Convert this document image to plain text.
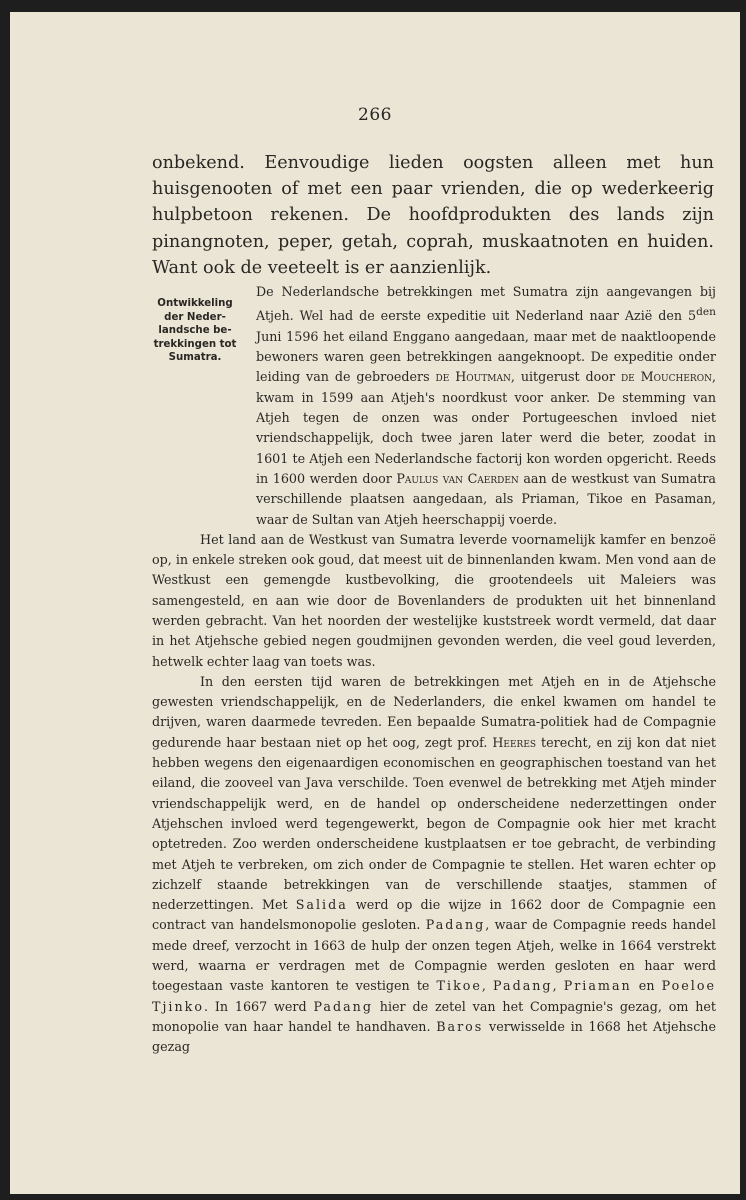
266

onbekend. Eenvoudige lieden oogsten alleen met hun huisgenooten of met een paar vrienden, die op wederkeerig hulpbetoon rekenen. De hoofdprodukten des lands zijn pinangnoten, peper, getah, coprah, muskaatnoten en huiden. Want ook de veeteelt is er aanzienlijk.

Ontwikkeling
der Neder-
landsche be-
trekkingen tot
Sumatra.

De Nederlandsche betrekkingen met Sumatra zijn aangevangen bij Atjeh. Wel had de eerste expeditie uit Nederland naar Azië den $5^{den}$ Juni 1596 het eiland Enggano aangedaan, maar met de naaktloopende bewoners waren geen betrekkingen aangeknoopt. De expeditie onder leiding van de gebroeders de Houtman, uitgerust door de Moucheron, kwam in 1599 aan Atjeh's noordkust voor anker. De stemming van Atjeh tegen de onzen was onder Portugeeschen invloed niet vriendschappelijk, doch twee jaren later werd die beter, zoodat in 1601 te Atjeh een Nederlandsche factorij kon worden opgericht. Reeds in 1600 werden door Paulus van Caerden aan de westkust van Sumatra verschillende plaatsen aangedaan, als Priaman, Tikoe en Pasaman, waar de Sultan van Atjeh heerschappij voerde.

Het land aan de Westkust van Sumatra leverde voornamelijk kamfer en benzoë op, in enkele streken ook goud, dat meest uit de binnenlanden kwam. Men vond aan de Westkust een gemengde kustbevolking, die grootendeels uit Maleiers was samengesteld, en aan wie door de Bovenlanders de produkten uit het binnenland werden gebracht. Van het noorden der westelijke kuststreek wordt vermeld, dat daar in het Atjehsche gebied negen goudmijnen gevonden werden, die veel goud leverden, hetwelk echter laag van toets was.

In den eersten tijd waren de betrekkingen met Atjeh en in de Atjehsche gewesten vriendschappelijk, en de Nederlanders, die enkel kwamen om handel te drijven, waren daarmede tevreden. Een bepaalde Sumatra-politiek had de Compagnie gedurende haar bestaan niet op het oog, zegt prof. Heeres terecht, en zij kon dat niet hebben wegens den eigenaardigen economischen en geographischen toestand van het eiland, die zooveel van Java verschilde. Toen evenwel de betrekking met Atjeh minder vriendschappelijk werd, en de handel op onderscheidene nederzettingen onder Atjehschen invloed werd tegengewerkt, begon de Compagnie ook hier met kracht optetreden. Zoo werden onderscheidene kustplaatsen er toe gebracht, de verbinding met Atjeh te verbreken, om zich onder de Compagnie te stellen. Het waren echter op zichzelf staande betrekkingen van de verschillende staatjes, stammen of nederzettingen. Met Salida werd op die wijze in 1662 door de Compagnie een contract van handelsmonopolie gesloten. Padang, waar de Compagnie reeds handel mede dreef, verzocht in 1663 de hulp der onzen tegen Atjeh, welke in 1664 verstrekt werd, waarna er verdragen met de Compagnie werden gesloten en haar werd toegestaan vaste kantoren te vestigen te Tikoe, Padang, Priaman en Poeloe Tjinko. In 1667 werd Padang hier de zetel van het Compagnie's gezag, om het monopolie van haar handel te handhaven. Baros verwisselde in 1668 het Atjehsche gezag
